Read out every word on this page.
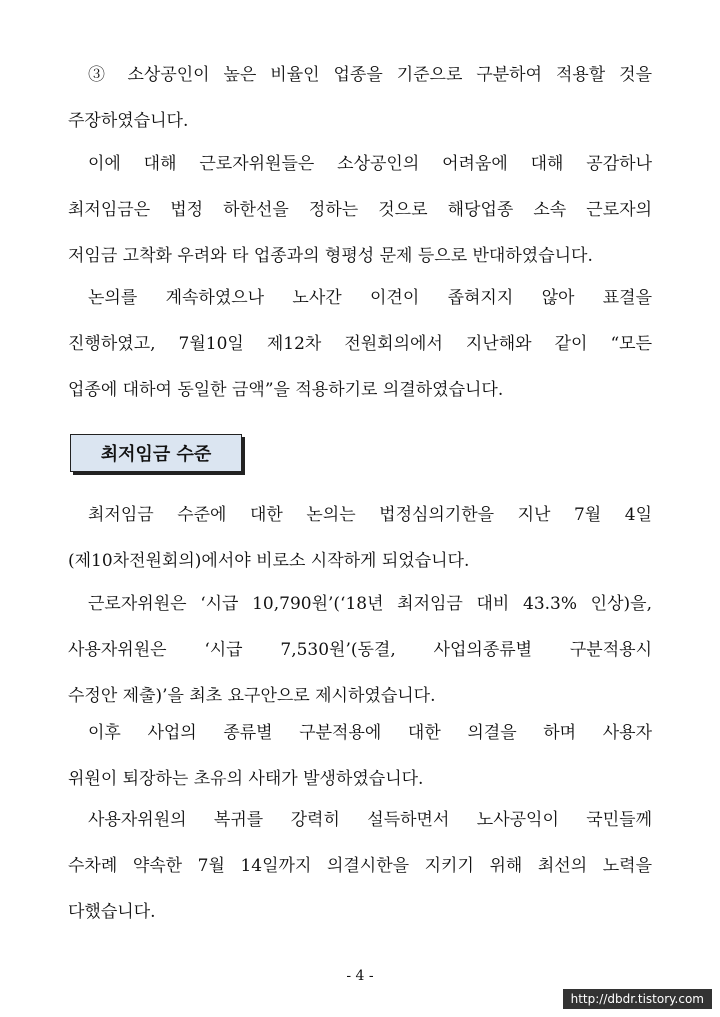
③ 소상공인이 높은 비율인 업종을 기준으로 구분하여 적용할 것을

주장하였습니다.

이에 대해 근로자위원들은 소상공인의 어려움에 대해 공감하나

최저임금은 법정 하한선을 정하는 것으로 해당업종 소속 근로자의

저임금 고착화 우려와 타 업종과의 형평성 문제 등으로 반대하였습니다.

논의를 계속하였으나 노사간 이견이 좁혀지지 않아 표결을

진행하였고, 7월10일 제12차 전원회의에서 지난해와 같이 “모든

업종에 대하여 동일한 금액”을 적용하기로 의결하였습니다.

최저임금 수준

최저임금 수준에 대한 논의는 법정심의기한을 지난 7월 4일

(제10차전원회의)에서야 비로소 시작하게 되었습니다.

근로자위원은 ‘시급 10,790원’(‘18년 최저임금 대비 43.3% 인상)을,

사용자위원은 ‘시급 7,530원’(동결, 사업의종류별 구분적용시

수정안 제출)’을 최초 요구안으로 제시하였습니다.

이후 사업의 종류별 구분적용에 대한 의결을 하며 사용자

위원이 퇴장하는 초유의 사태가 발생하였습니다.

사용자위원의 복귀를 강력히 설득하면서 노사공익이 국민들께

수차례 약속한 7월 14일까지 의결시한을 지키기 위해 최선의 노력을

다했습니다.

- 4 -
http://dbdr.tistory.com
